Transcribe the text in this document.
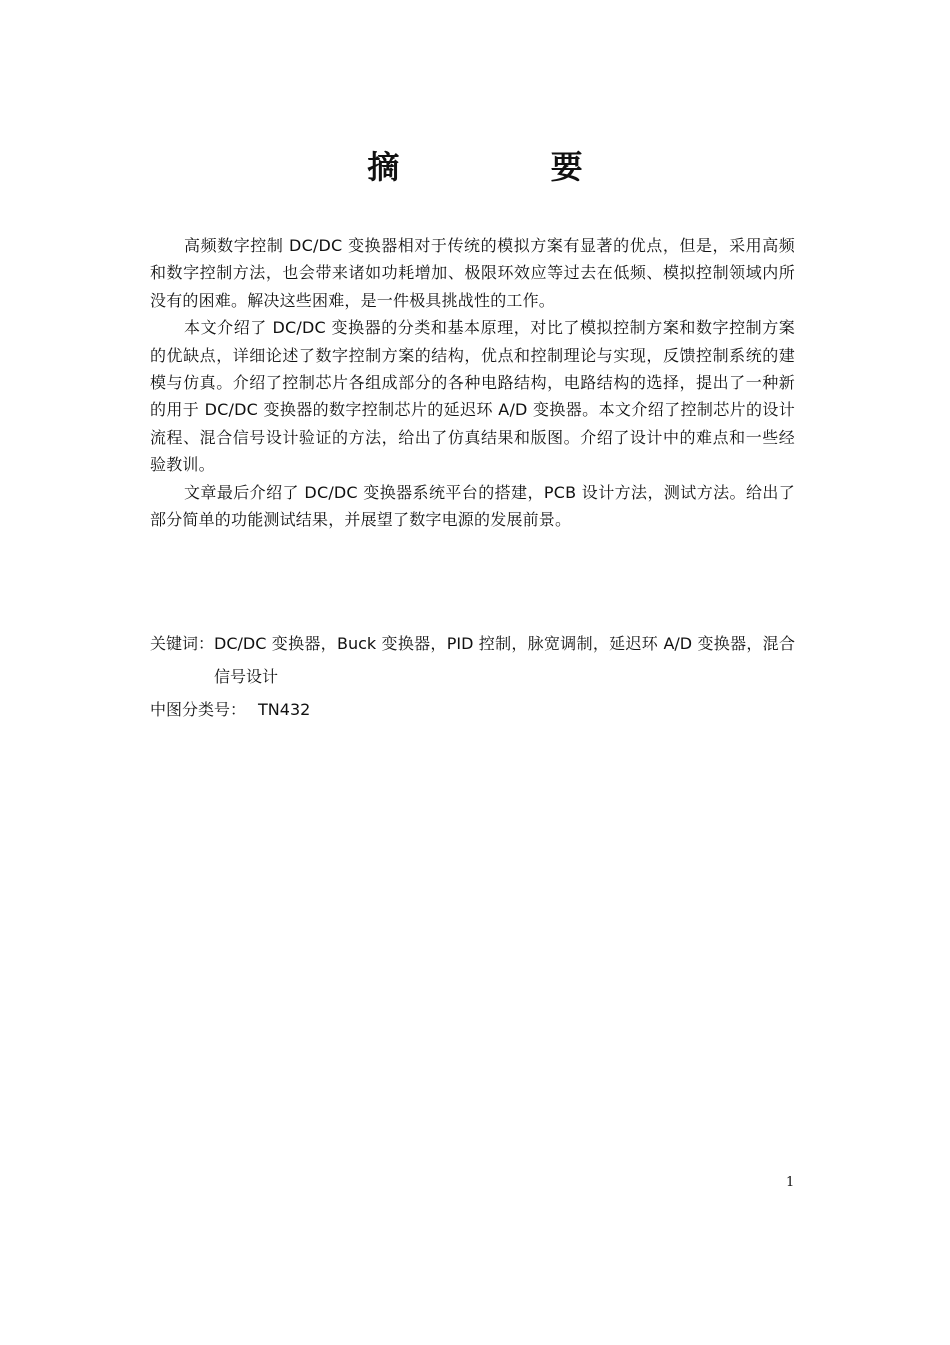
摘 要

高频数字控制 DC/DC 变换器相对于传统的模拟方案有显著的优点，但是，采用高频和数字控制方法，也会带来诸如功耗增加、极限环效应等过去在低频、模拟控制领域内所没有的困难。解决这些困难，是一件极具挑战性的工作。

本文介绍了 DC/DC 变换器的分类和基本原理，对比了模拟控制方案和数字控制方案的优缺点，详细论述了数字控制方案的结构，优点和控制理论与实现，反馈控制系统的建模与仿真。介绍了控制芯片各组成部分的各种电路结构，电路结构的选择，提出了一种新的用于 DC/DC 变换器的数字控制芯片的延迟环 A/D 变换器。本文介绍了控制芯片的设计流程、混合信号设计验证的方法，给出了仿真结果和版图。介绍了设计中的难点和一些经验教训。

文章最后介绍了 DC/DC 变换器系统平台的搭建，PCB 设计方法，测试方法。给出了部分简单的功能测试结果，并展望了数字电源的发展前景。

关键词： DC/DC 变换器，Buck 变换器，PID 控制，脉宽调制，延迟环 A/D 变换器，混合信号设计
中图分类号： TN432
1
